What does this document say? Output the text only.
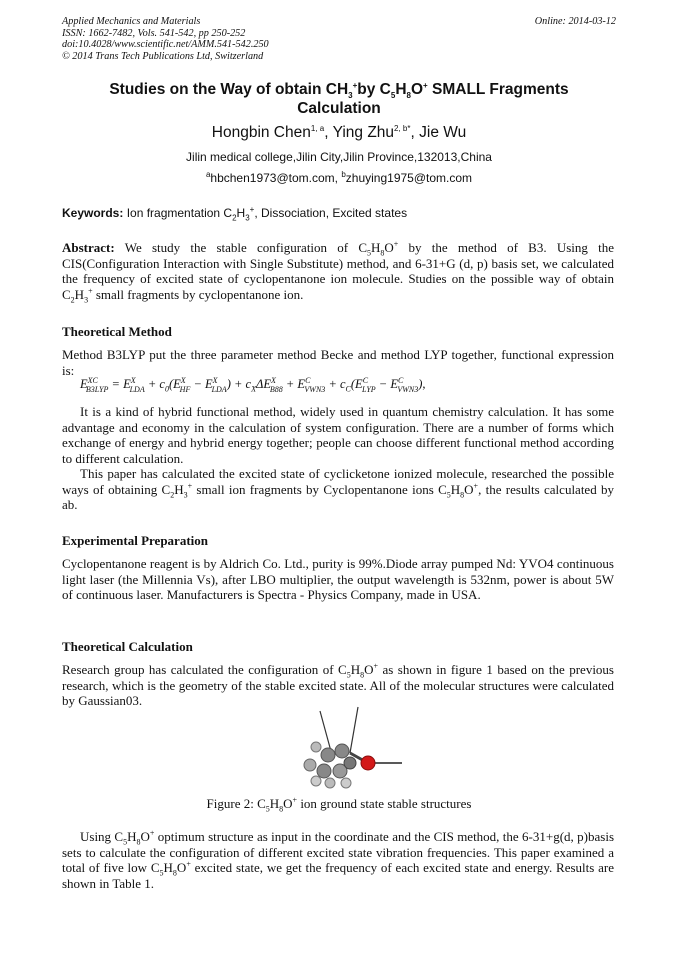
Applied Mechanics and Materials
ISSN: 1662-7482, Vols. 541-542, pp 250-252
doi:10.4028/www.scientific.net/AMM.541-542.250
© 2014 Trans Tech Publications Ltd, Switzerland
Online: 2014-03-12
Studies on the Way of obtain $CH_3^+by$ $C_5H_8O^+$ SMALL Fragments
Calculation
Hongbin Chen$^{1, a}$, Ying Zhu$^{2, b*}$, Jie Wu
Jilin medical college,Jilin City,Jilin Province,132013,China
$^a$hbchen1973@tom.com, $^b$zhuying1975@tom.com
Keywords: Ion fragmentation $C_2H_3^+$, Dissociation, Excited states
Abstract: We study the stable configuration of $C_5H_8O^+$ by the method of B3. Using the CIS(Configuration Interaction with Single Substitute) method, and 6-31+G (d, p) basis set, we calculated the frequency of excited state of cyclopentanone ion molecule. Studies on the possible way of obtain $C_2H_3^+$ small fragments by cyclopentanone ion.
Theoretical Method
Method B3LYP put the three parameter method Becke and method LYP together, functional expression is:
$E^{XC}_{B3LYP} = E^X_{LDA} + c_0(E^X_{HF} - E^X_{LDA}) + c_X\Delta E^X_{B88} + E^C_{VWN3} + c_C(E^C_{LYP} - E^C_{VWN3})$,
It is a kind of hybrid functional method, widely used in quantum chemistry calculation. It has some advantage and economy in the calculation of system configuration. There are a number of forms which exchange of energy and hybrid energy together; people can choose different functional method according to different calculation.
This paper has calculated the excited state of cyclicketone ionized molecule, researched the possible ways of obtaining $C_2H_3^+$ small ion fragments by Cyclopentanone ions $C_5H_8O^+$, the results calculated by ab.
Experimental Preparation
Cyclopentanone reagent is by Aldrich Co. Ltd., purity is 99%.Diode array pumped Nd: YVO4 continuous light laser (the Millennia Vs), after LBO multiplier, the output wavelength is 532nm, power is about 5W of continuous laser. Manufacturers is Spectra - Physics Company, made in USA.
Theoretical Calculation
Research group has calculated the configuration of $C_5H_8O^+$ as shown in figure 1 based on the previous research, which is the geometry of the stable excited state. All of the molecular structures were calculated by Gaussian03.
Figure 2: $C_5H_8O^+$ ion ground state stable structures
Using $C_5H_8O^+$ optimum structure as input in the coordinate and the CIS method, the 6-31+g(d, p)basis sets to calculate the configuration of different excited state vibration frequencies. This paper examined a total of five low $C_5H_8O^+$ excited state, we get the frequency of each excited state and energy. Results are shown in Table 1.
